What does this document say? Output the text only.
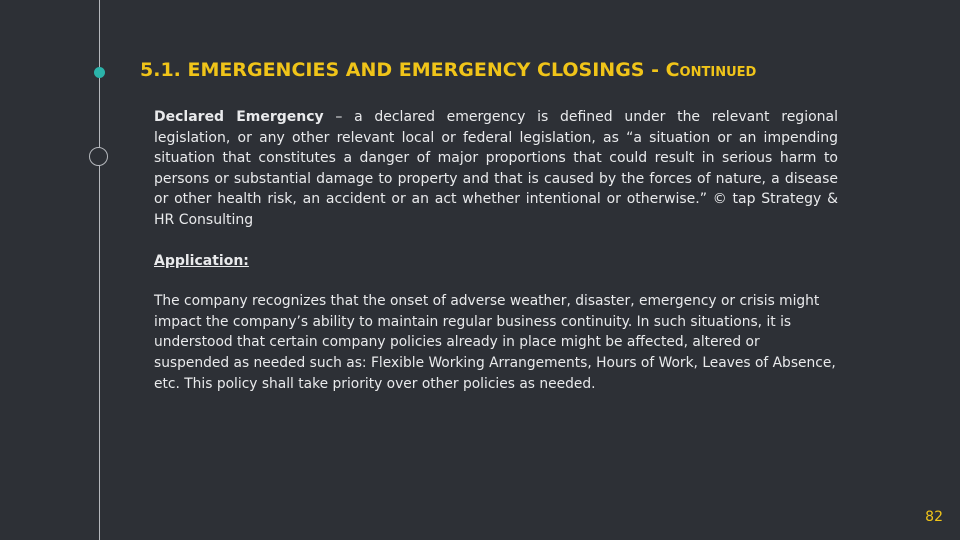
5.1. EMERGENCIES AND EMERGENCY CLOSINGS - Continued

Declared Emergency – a declared emergency is defined under the relevant regional legislation, or any other relevant local or federal legislation, as “a situation or an impending situation that constitutes a danger of major proportions that could result in serious harm to persons or substantial damage to property and that is caused by the forces of nature, a disease or other health risk, an accident or an act whether intentional or otherwise.” © tap Strategy & HR Consulting

Application:

The company recognizes that the onset of adverse weather, disaster, emergency or crisis might impact the company’s ability to maintain regular business continuity. In such situations, it is understood that certain company policies already in place might be affected, altered or suspended as needed such as: Flexible Working Arrangements, Hours of Work, Leaves of Absence, etc. This policy shall take priority over other policies as needed.

82
